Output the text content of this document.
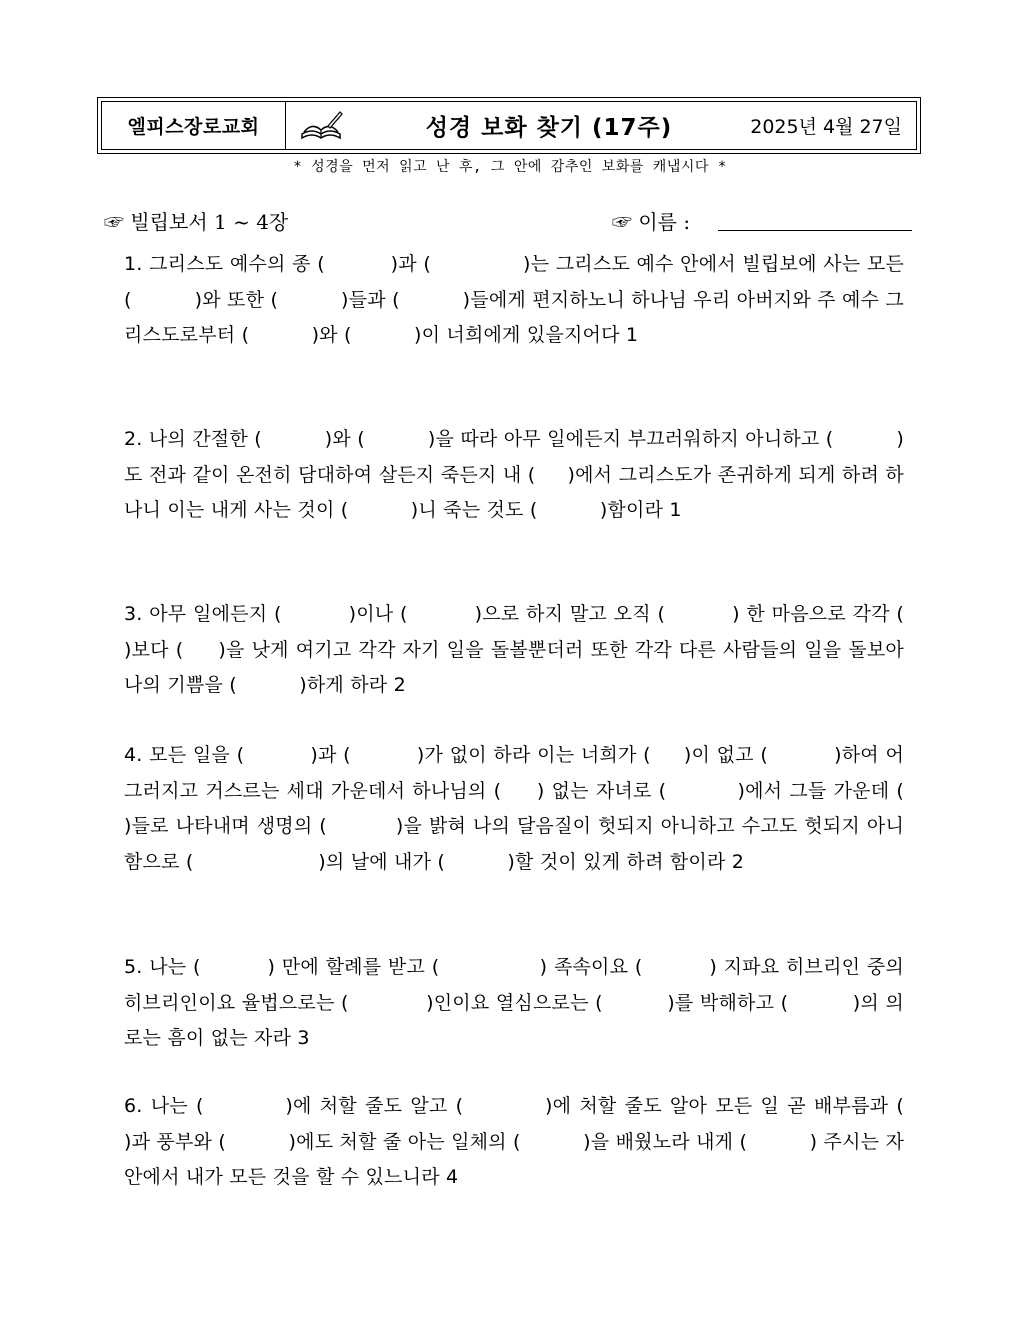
엘피스장로교회	성경 보화 찾기 (17주)	2025년 4월 27일
* 성경을 먼저 읽고 난 후, 그 안에 감추인 보화를 캐냅시다 *
☞ 빌립보서 1 ~ 4장	☞ 이름 :
1. 그리스도 예수의 종 (          )과 (              )는 그리스도 예수 안에서 빌립보에 사는 모든 (          )와 또한 (          )들과 (          )들에게 편지하노니 하나님 우리 아버지와 주 예수 그리스도로부터 (          )와 (          )이 너희에게 있을지어다 1
2. 나의 간절한 (          )와 (          )을 따라 아무 일에든지 부끄러워하지 아니하고 (          )도 전과 같이 온전히 담대하여 살든지 죽든지 내 (     )에서 그리스도가 존귀하게 되게 하려 하나니 이는 내게 사는 것이 (          )니 죽는 것도 (          )함이라 1
3. 아무 일에든지 (          )이나 (          )으로 하지 말고 오직 (          ) 한 마음으로 각각 (          )보다 (     )을 낫게 여기고 각각 자기 일을 돌볼뿐더러 또한 각각 다른 사람들의 일을 돌보아 나의 기쁨을 (          )하게 하라 2
4. 모든 일을 (          )과 (          )가 없이 하라 이는 너희가 (     )이 없고 (          )하여 어그러지고 거스르는 세대 가운데서 하나님의 (     ) 없는 자녀로 (          )에서 그들 가운데 (     )들로 나타내며 생명의 (          )을 밝혀 나의 달음질이 헛되지 아니하고 수고도 헛되지 아니함으로 (                    )의 날에 내가 (          )할 것이 있게 하려 함이라 2
5. 나는 (          ) 만에 할례를 받고 (               ) 족속이요 (          ) 지파요 히브리인 중의 히브리인이요 율법으로는 (            )인이요 열심으로는 (          )를 박해하고 (          )의 의로는 흠이 없는 자라 3
6. 나는 (          )에 처할 줄도 알고 (          )에 처할 줄도 알아 모든 일 곧 배부름과 (               )과 풍부와 (          )에도 처할 줄 아는 일체의 (          )을 배웠노라 내게 (          ) 주시는 자 안에서 내가 모든 것을 할 수 있느니라 4
